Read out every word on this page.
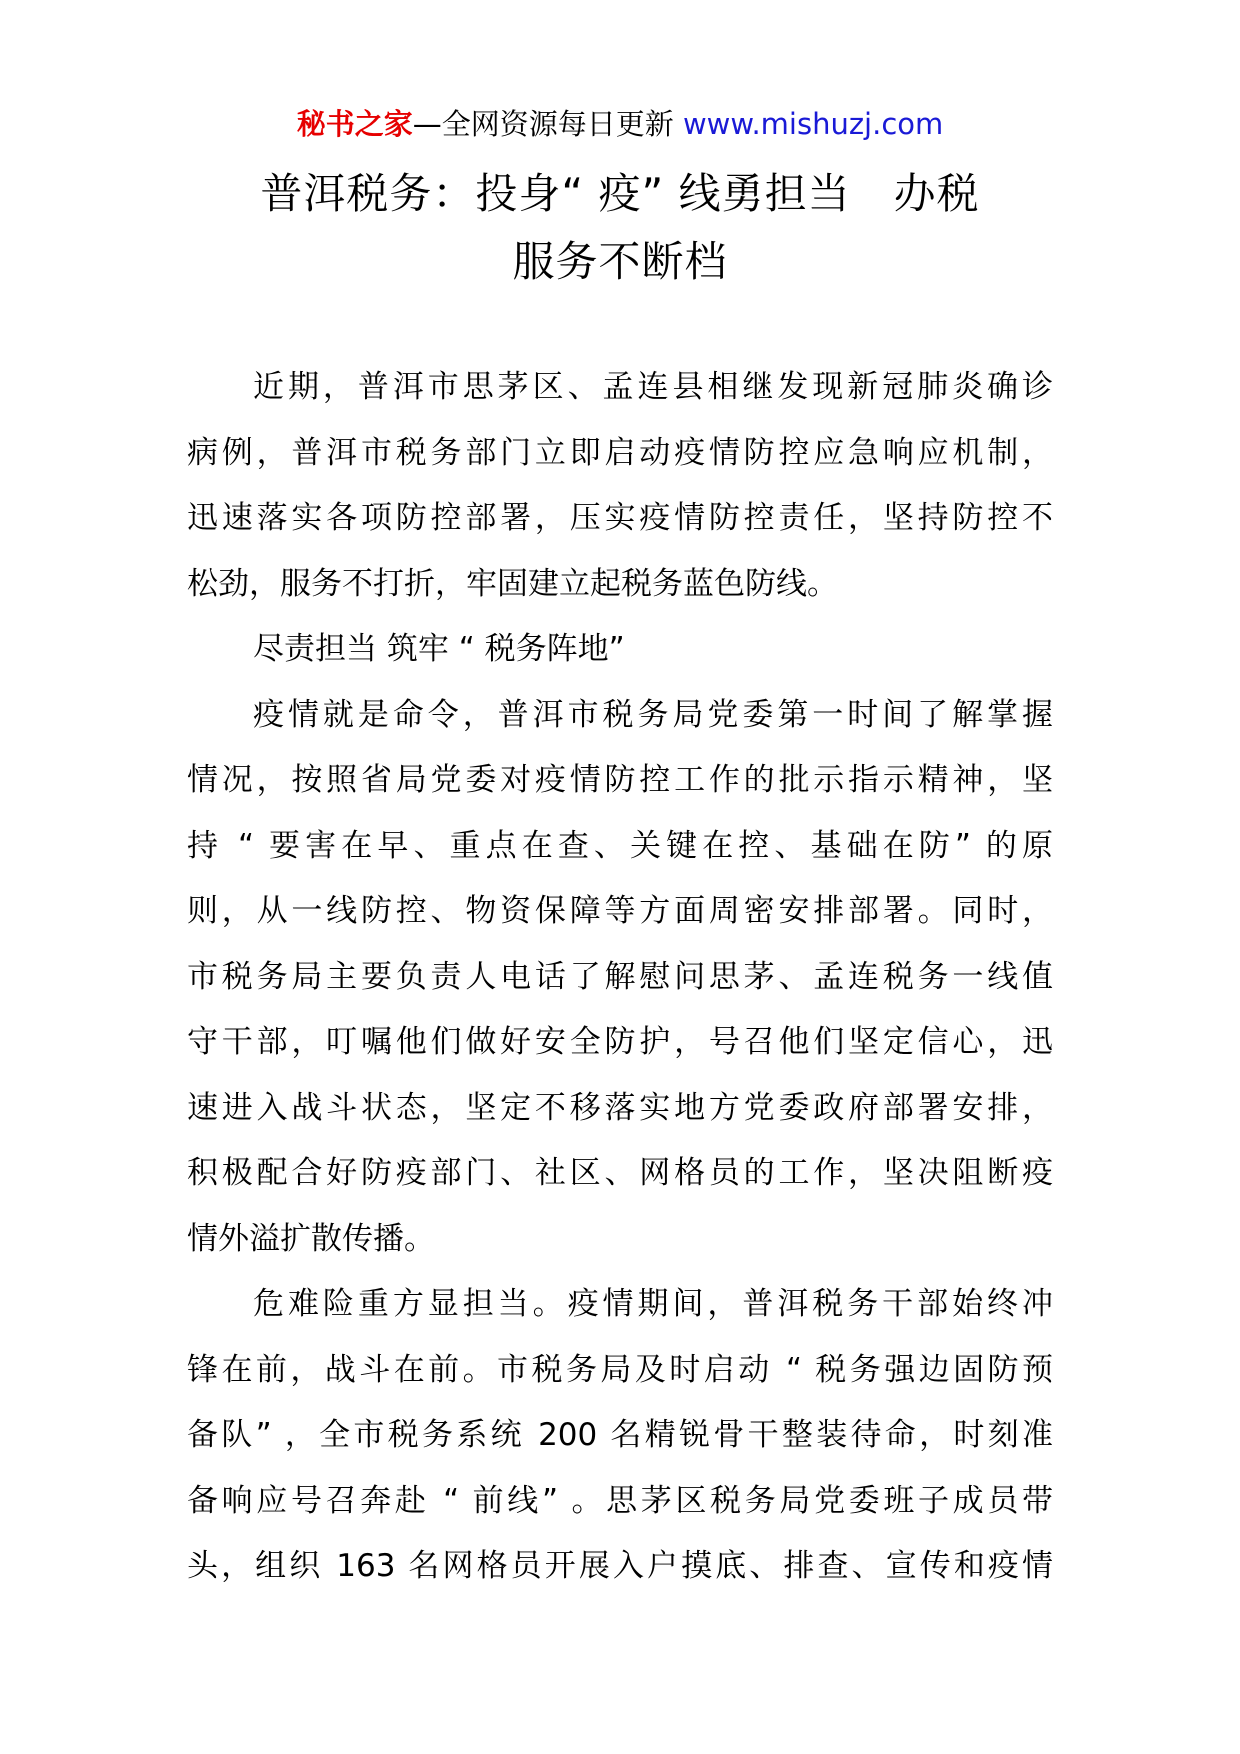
秘书之家—全网资源每日更新 www.mishuzj.com
普洱税务：投身“ 疫” 线勇担当   办税
服务不断档
近期，普洱市思茅区、孟连县相继发现新冠肺炎确诊
病例，普洱市税务部门立即启动疫情防控应急响应机制，
迅速落实各项防控部署，压实疫情防控责任，坚持防控不
松劲，服务不打折，牢固建立起税务蓝色防线。
尽责担当 筑牢 “ 税务阵地”
疫情就是命令，普洱市税务局党委第一时间了解掌握
情况，按照省局党委对疫情防控工作的批示指示精神，坚
持 “ 要害在早、重点在查、关键在控、基础在防” 的原
则，从一线防控、物资保障等方面周密安排部署。同时，
市税务局主要负责人电话了解慰问思茅、孟连税务一线值
守干部，叮嘱他们做好安全防护，号召他们坚定信心，迅
速进入战斗状态，坚定不移落实地方党委政府部署安排，
积极配合好防疫部门、社区、网格员的工作，坚决阻断疫
情外溢扩散传播。
危难险重方显担当。疫情期间，普洱税务干部始终冲
锋在前，战斗在前。市税务局及时启动 “ 税务强边固防预
备队” ，全市税务系统 200 名精锐骨干整装待命，时刻准
备响应号召奔赴 “ 前线” 。思茅区税务局党委班子成员带
头，组织 163 名网格员开展入户摸底、排查、宣传和疫情
